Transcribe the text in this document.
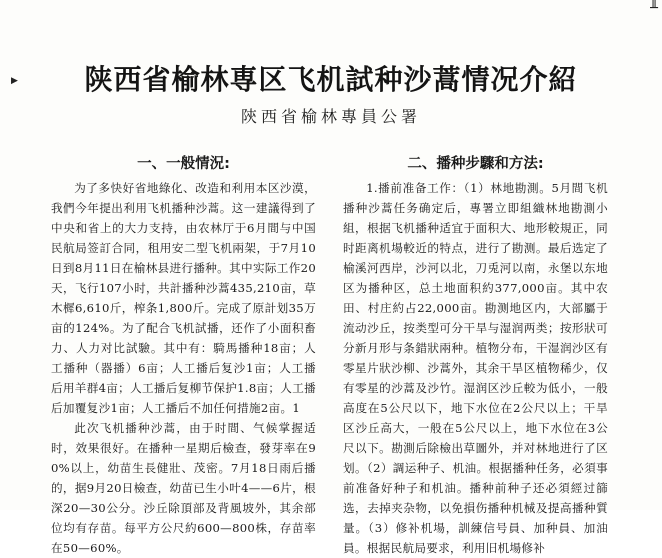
╨
▶	陕西省榆林専区飞机試种沙蒿情况介紹
陝西省榆林專員公署
一、一般情況:

为了多快好省地綠化、改造和利用本区沙漠，我們今年提出利用飞机播种沙蒿。这一建議得到了中央和省上的大力支持，由农林厅于6月間与中国民航局签訂合同，租用安二型飞机兩架，于7月10日到8月11日在榆林县进行播种。其中实际工作20天，飞行107小时，共計播种沙蒿435,210亩，草木樨6,610斤，榨条1,800斤。完成了原計划35万亩的124%。为了配合飞机試播，还作了小面积畜力、人力对比試驗。其中有：騎馬播种18亩；人工播种（器播）6亩；人工播后复沙1亩；人工播后用羊群4亩；人工播后复柳节保护1.8亩；人工播后加覆复沙1亩；人工播后不加任何措施2亩。1

此次飞机播种沙蒿，由于时間、气候掌握适时，效果很好。在播种一星期后檢查，發芽率在90%以上，幼苗生長健壯、茂密。7月18日雨后播的，据9月20日檢查，幼苗已生小叶4——6片，根深20—30公分。沙丘除頂部及背風坡外，其余部位均有存苗。每平方公尺約600—800株，存苗率在50—60%。

二、播种步驟和方法:

1.播前准备工作：（1）林地勘測。5月間飞机播种沙蒿任务确定后，專署立即組織林地勘測小組，根据飞机播种适宜于面积大、地形較規正，同时距离机場較近的特点，进行了勘测。最后选定了榆溪河西岸，沙河以北，刀兎河以南，永堡以东地区为播种区，总土地面积約377,000亩。其中农田、村庄約占22,000亩。勘测地区内，大部屬于流动沙丘，按类型可分干旱与湿润两类；按形狀可分新月形与条錯狀兩种。植物分布，干湿润沙区有零星片狀沙柳、沙蒿外，其余干旱区植物稀少，仅有零星的沙蒿及沙竹。湿润区沙丘較为低小，一般高度在5公尺以下，地下水位在2公尺以上；干旱区沙丘高大，一般在5公尺以上，地下水位在3公尺以下。勘測后除檢出草圖外，并对林地进行了区划。（2）調运种子、机油。根据播种任务，必須事前准备好种子和机油。播种前种子还必須經过篩选，去掉夹杂物，以免損伤播种机械及提高播种質量。（3）修补机場，訓練信号員、加种員、加油員。根据民航局要求，利用旧机場修补
